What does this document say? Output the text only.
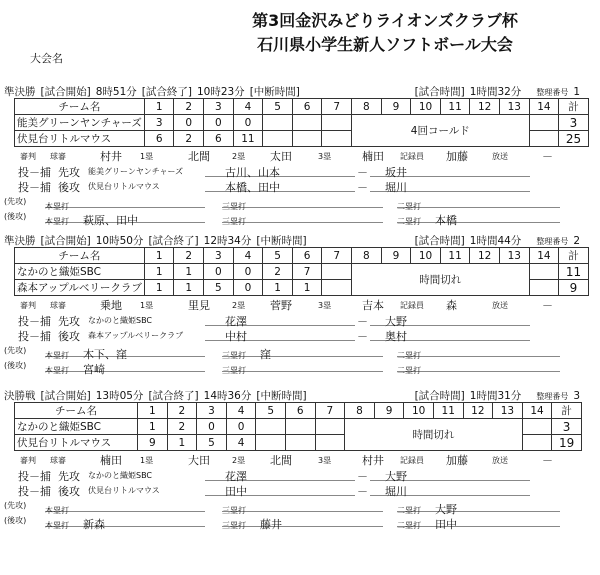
第3回金沢みどりライオンズクラブ杯
石川県小学生新人ソフトボール大会
大会名
準決勝 [試合開始] 8時51分 [試合終了] 10時23分 [中断時間]	[試合時間] 1時間32分 整理番号 1
チーム名	1	2	3	4	5	6	7	8	9	10	11	12	13	14	計
能美グリーンヤンチャーズ	3	0	0	0				4回コールド							3
伏見台リトルマウス	6	2	6	11											25
審判 球審	村井 1塁	北間	2塁 太田	3塁	楠田 記録員 加藤	放送	－
投－捕 先攻 能美グリーンヤンチャーズ	古川、山本	－	坂井
投－捕 後攻 伏見台リトルマウス	本橋、田中	－	堀川
(先攻)
本塁打	三塁打	二塁打
(後攻)
本塁打 萩原、田中	三塁打	二塁打 本橋
準決勝 [試合開始] 10時50分 [試合終了] 12時34分 [中断時間]	[試合時間] 1時間44分 整理番号 2
チーム名	1	2	3	4	5	6	7	8	9	10	11	12	13	14	計
なかのと織姫SBC	1	1	0	0	2	7		時間切れ							11
森本アップルベリークラブ	1	1	5	0	1	1									9
審判 球審	乗地 1塁	里見	2塁 菅野	3塁	吉本 記録員 森	放送	－
投－捕 先攻 なかのと織姫SBC	花澤	－	大野
投－捕 後攻 森本アップルベリークラブ	中村	－	奥村
(先攻)
本塁打 木下、窪	三塁打 窪	二塁打
(後攻)
本塁打 宮崎	三塁打	二塁打
決勝戦 [試合開始] 13時05分 [試合終了] 14時36分 [中断時間]	[試合時間] 1時間31分 整理番号 3
チーム名	1	2	3	4	5	6	7	8	9	10	11	12	13	14	計
なかのと織姫SBC	1	2	0	0				時間切れ							3
伏見台リトルマウス	9	1	5	4											19
審判 球審	楠田 1塁	大田	2塁 北間	3塁	村井 記録員 加藤	放送	－
投－捕 先攻 なかのと織姫SBC	花澤	－	大野
投－捕 後攻 伏見台リトルマウス	田中	－	堀川
(先攻)
本塁打	三塁打	二塁打 大野
(後攻)
本塁打 新森	三塁打 藤井	二塁打 田中
